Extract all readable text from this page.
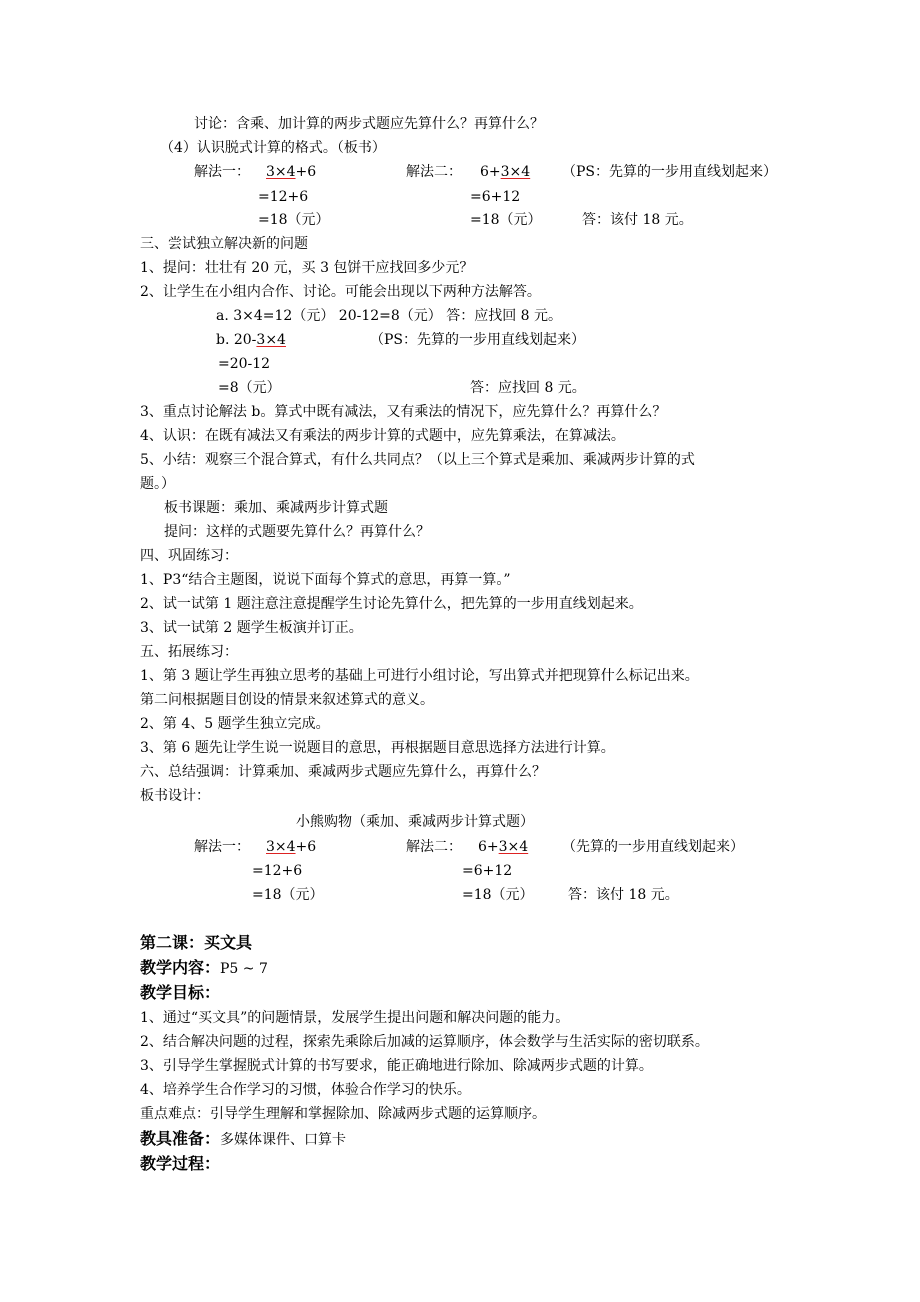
讨论：含乘、加计算的两步式题应先算什么？再算什么？
（4）认识脱式计算的格式。（板书）
解法一： 3×4+6	解法二： 6+3×4 （PS：先算的一步用直线划起来）
=12+6	=6+12
=18（元）	=18（元）	答：该付 18 元。
三、尝试独立解决新的问题
1、提问：壮壮有 20 元，买 3 包饼干应找回多少元？
2、让学生在小组内合作、讨论。可能会出现以下两种方法解答。
a. 3×4=12（元） 20-12=8（元） 答：应找回 8 元。
b. 20-3×4	（PS：先算的一步用直线划起来）
=20-12
=8（元）	答：应找回 8 元。
3、重点讨论解法 b。算式中既有减法，又有乘法的情况下，应先算什么？再算什么？
4、认识：在既有减法又有乘法的两步计算的式题中，应先算乘法，在算减法。
5、小结：观察三个混合算式，有什么共同点？（以上三个算式是乘加、乘减两步计算的式
题。）
板书课题：乘加、乘减两步计算式题
提问：这样的式题要先算什么？再算什么？
四、巩固练习：
1、P3“结合主题图，说说下面每个算式的意思，再算一算。”
2、试一试第 1 题注意注意提醒学生讨论先算什么，把先算的一步用直线划起来。
3、试一试第 2 题学生板演并订正。
五、拓展练习：
1、第 3 题让学生再独立思考的基础上可进行小组讨论，写出算式并把现算什么标记出来。
第二问根据题目创设的情景来叙述算式的意义。
2、第 4、5 题学生独立完成。
3、第 6 题先让学生说一说题目的意思，再根据题目意思选择方法进行计算。
六、总结强调：计算乘加、乘减两步式题应先算什么，再算什么？
板书设计：
小熊购物（乘加、乘减两步计算式题）
解法一： 3×4+6	解法二： 6+3×4 （先算的一步用直线划起来）
=12+6	=6+12
=18（元）	=18（元） 答：该付 18 元。
第二课：买文具
教学内容：P5 ~ 7
教学目标：
1、通过“买文具”的问题情景，发展学生提出问题和解决问题的能力。
2、结合解决问题的过程，探索先乘除后加减的运算顺序，体会数学与生活实际的密切联系。
3、引导学生掌握脱式计算的书写要求，能正确地进行除加、除减两步式题的计算。
4、培养学生合作学习的习惯，体验合作学习的快乐。
重点难点：引导学生理解和掌握除加、除减两步式题的运算顺序。
教具准备：多媒体课件、口算卡
教学过程：
